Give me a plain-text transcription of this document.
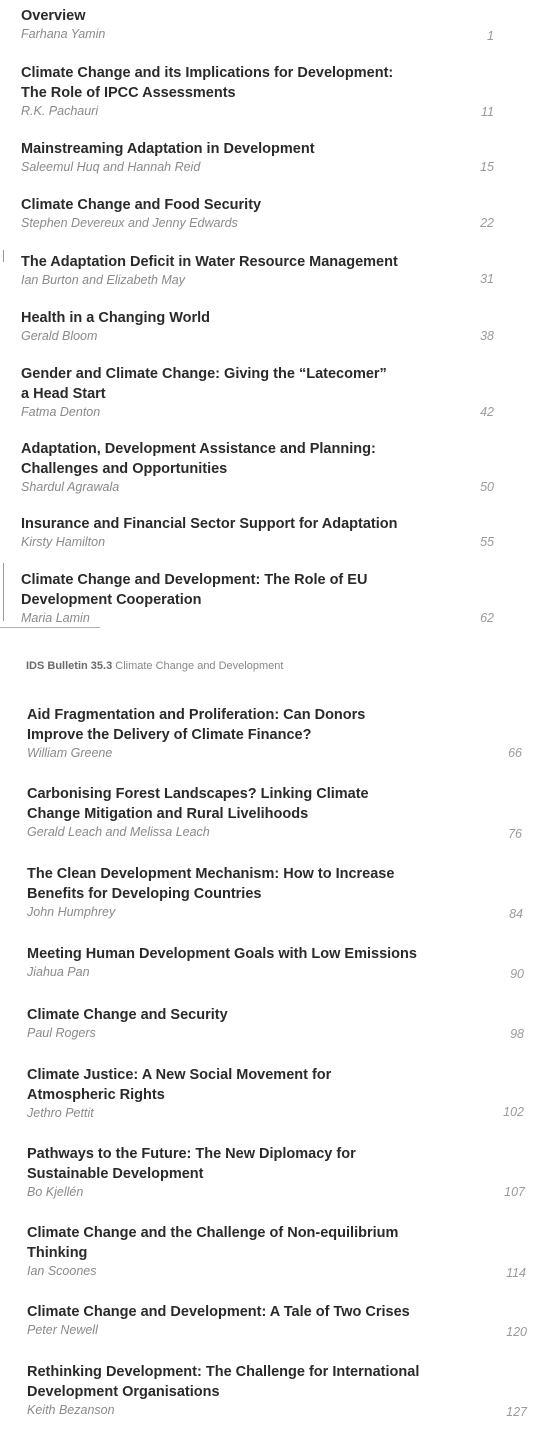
Overview
Farhana Yamin	1
Climate Change and its Implications for Development:
The Role of IPCC Assessments
R.K. Pachauri	11
Mainstreaming Adaptation in Development
Saleemul Huq and Hannah Reid	15
Climate Change and Food Security
Stephen Devereux and Jenny Edwards	22
The Adaptation Deficit in Water Resource Management
Ian Burton and Elizabeth May	31
Health in a Changing World
Gerald Bloom	38
Gender and Climate Change: Giving the “Latecomer”
a Head Start
Fatma Denton	42
Adaptation, Development Assistance and Planning:
Challenges and Opportunities
Shardul Agrawala	50
Insurance and Financial Sector Support for Adaptation
Kirsty Hamilton	55
Climate Change and Development: The Role of EU
Development Cooperation
Maria Lamin	62
IDS Bulletin 35.3 Climate Change and Development
Aid Fragmentation and Proliferation: Can Donors
Improve the Delivery of Climate Finance?
William Greene	66
Carbonising Forest Landscapes? Linking Climate
Change Mitigation and Rural Livelihoods
Gerald Leach and Melissa Leach	76
The Clean Development Mechanism: How to Increase
Benefits for Developing Countries
John Humphrey	84
Meeting Human Development Goals with Low Emissions
Jiahua Pan	90
Climate Change and Security
Paul Rogers	98
Climate Justice: A New Social Movement for
Atmospheric Rights
Jethro Pettit	102
Pathways to the Future: The New Diplomacy for
Sustainable Development
Bo Kjellén	107
Climate Change and the Challenge of Non-equilibrium
Thinking
Ian Scoones	114
Climate Change and Development: A Tale of Two Crises
Peter Newell	120
Rethinking Development: The Challenge for International
Development Organisations
Keith Bezanson	127
